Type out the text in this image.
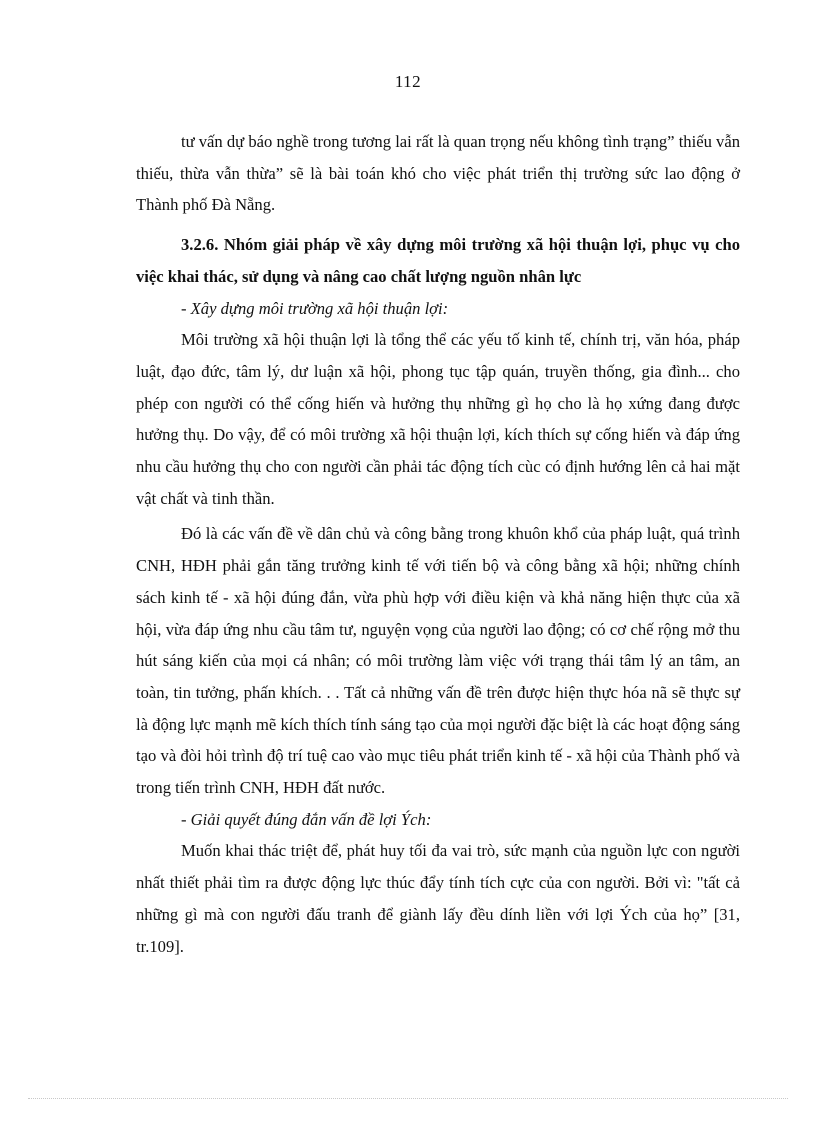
112

tư vấn dự báo nghề trong tương lai rất là quan trọng nếu không tình trạng” thiếu vẫn thiếu, thừa vẫn thừa” sẽ là bài toán khó cho việc phát triển thị trường sức lao động ở Thành phố Đà Nẵng.

3.2.6. Nhóm giải pháp về xây dựng môi trường xã hội thuận lợi, phục vụ cho việc khai thác, sử dụng và nâng cao chất lượng nguồn nhân lực

- Xây dựng môi trường xã hội thuận lợi:

Môi trường xã hội thuận lợi là tổng thể các yếu tố kinh tế, chính trị, văn hóa, pháp luật, đạo đức, tâm lý, dư luận xã hội, phong tục tập quán, truyền thống, gia đình... cho phép con người có thể cống hiến và hưởng thụ những gì họ cho là họ xứng đang được hưởng thụ. Do vậy, để có môi trường xã hội thuận lợi, kích thích sự cống hiến và đáp ứng nhu cầu hưởng thụ cho con người cần phải tác động tích cùc có định hướng lên cả hai mặt vật chất và tinh thần.

Đó là các vấn đề về dân chủ và công bằng trong khuôn khổ của pháp luật, quá trình CNH, HĐH phải gắn tăng trưởng kinh tế với tiến bộ và công bằng xã hội; những chính sách kinh tế - xã hội đúng đắn, vừa phù hợp với điều kiện và khả năng hiện thực của xã hội, vừa đáp ứng nhu cầu tâm tư, nguyện vọng của người lao động; có cơ chế rộng mở thu hút sáng kiến của mọi cá nhân; có môi trường làm việc với trạng thái tâm lý an tâm, an toàn, tin tưởng, phấn khích. . . Tất cả những vấn đề trên được hiện thực hóa nã sẽ thực sự là động lực mạnh mẽ kích thích tính sáng tạo của mọi người đặc biệt là các hoạt động sáng tạo và đòi hỏi trình độ trí tuệ cao vào mục tiêu phát triển kinh tế - xã hội của Thành phố và trong tiến trình CNH, HĐH đất nước.

- Giải quyết đúng đắn vấn đề lợi Ých:

Muốn khai thác triệt để, phát huy tối đa vai trò, sức mạnh của nguồn lực con người nhất thiết phải tìm ra được động lực thúc đẩy tính tích cực của con người. Bởi vì: "tất cả những gì mà con người đấu tranh để giành lấy đều dính liền với lợi Ých của họ” [31, tr.109].
